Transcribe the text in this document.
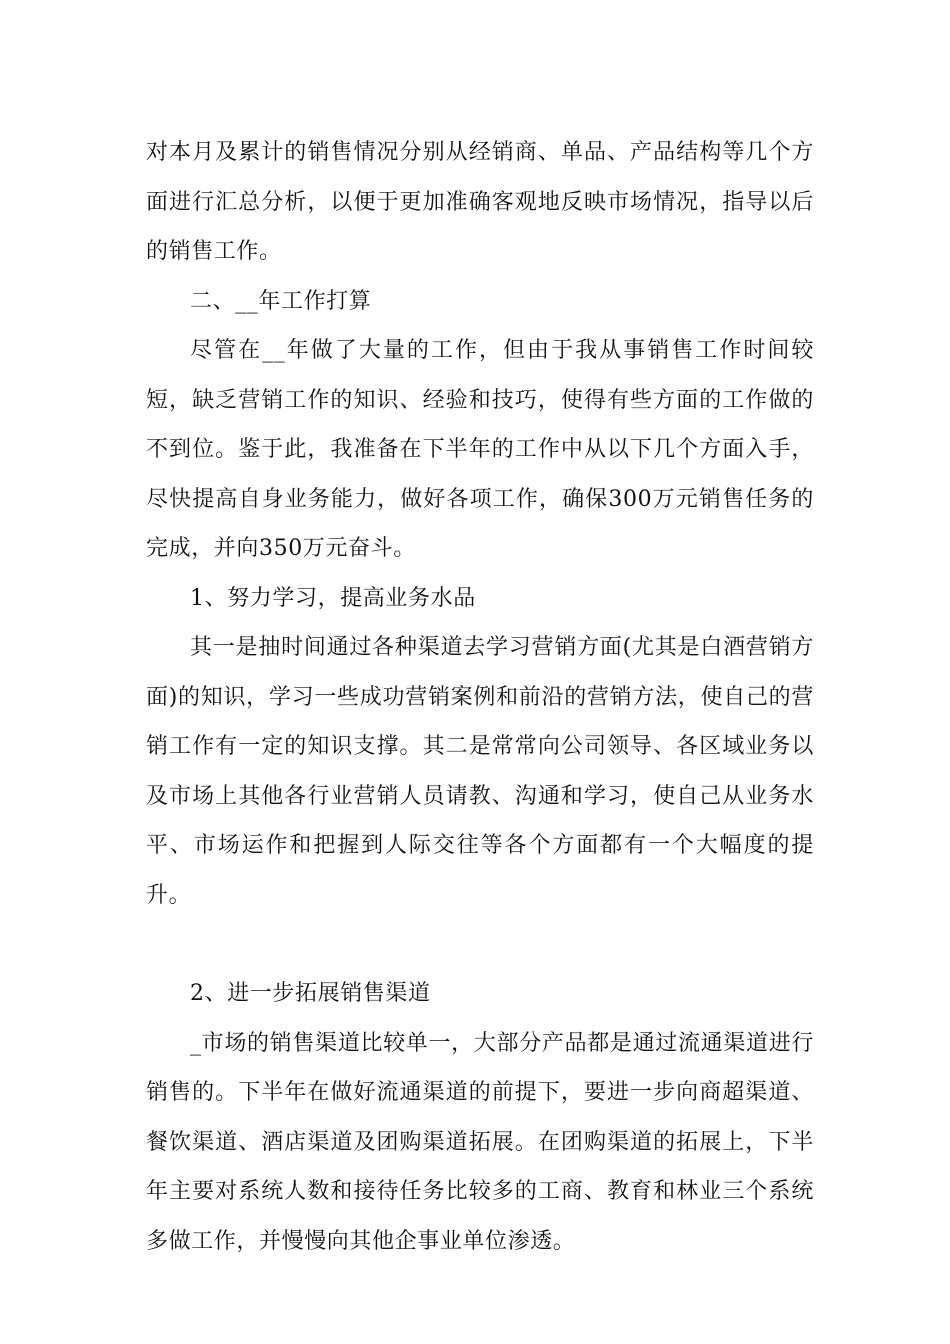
对本月及累计的销售情况分别从经销商、单品、产品结构等几个方面进行汇总分析，以便于更加准确客观地反映市场情况，指导以后的销售工作。

二、__年工作打算

尽管在__年做了大量的工作，但由于我从事销售工作时间较短，缺乏营销工作的知识、经验和技巧，使得有些方面的工作做的不到位。鉴于此，我准备在下半年的工作中从以下几个方面入手，尽快提高自身业务能力，做好各项工作，确保300万元销售任务的完成，并向350万元奋斗。

1、努力学习，提高业务水品

其一是抽时间通过各种渠道去学习营销方面(尤其是白酒营销方面)的知识，学习一些成功营销案例和前沿的营销方法，使自己的营销工作有一定的知识支撑。其二是常常向公司领导、各区域业务以及市场上其他各行业营销人员请教、沟通和学习，使自己从业务水平、市场运作和把握到人际交往等各个方面都有一个大幅度的提升。

2、进一步拓展销售渠道

_市场的销售渠道比较单一，大部分产品都是通过流通渠道进行销售的。下半年在做好流通渠道的前提下，要进一步向商超渠道、餐饮渠道、酒店渠道及团购渠道拓展。在团购渠道的拓展上，下半年主要对系统人数和接待任务比较多的工商、教育和林业三个系统多做工作，并慢慢向其他企事业单位渗透。
